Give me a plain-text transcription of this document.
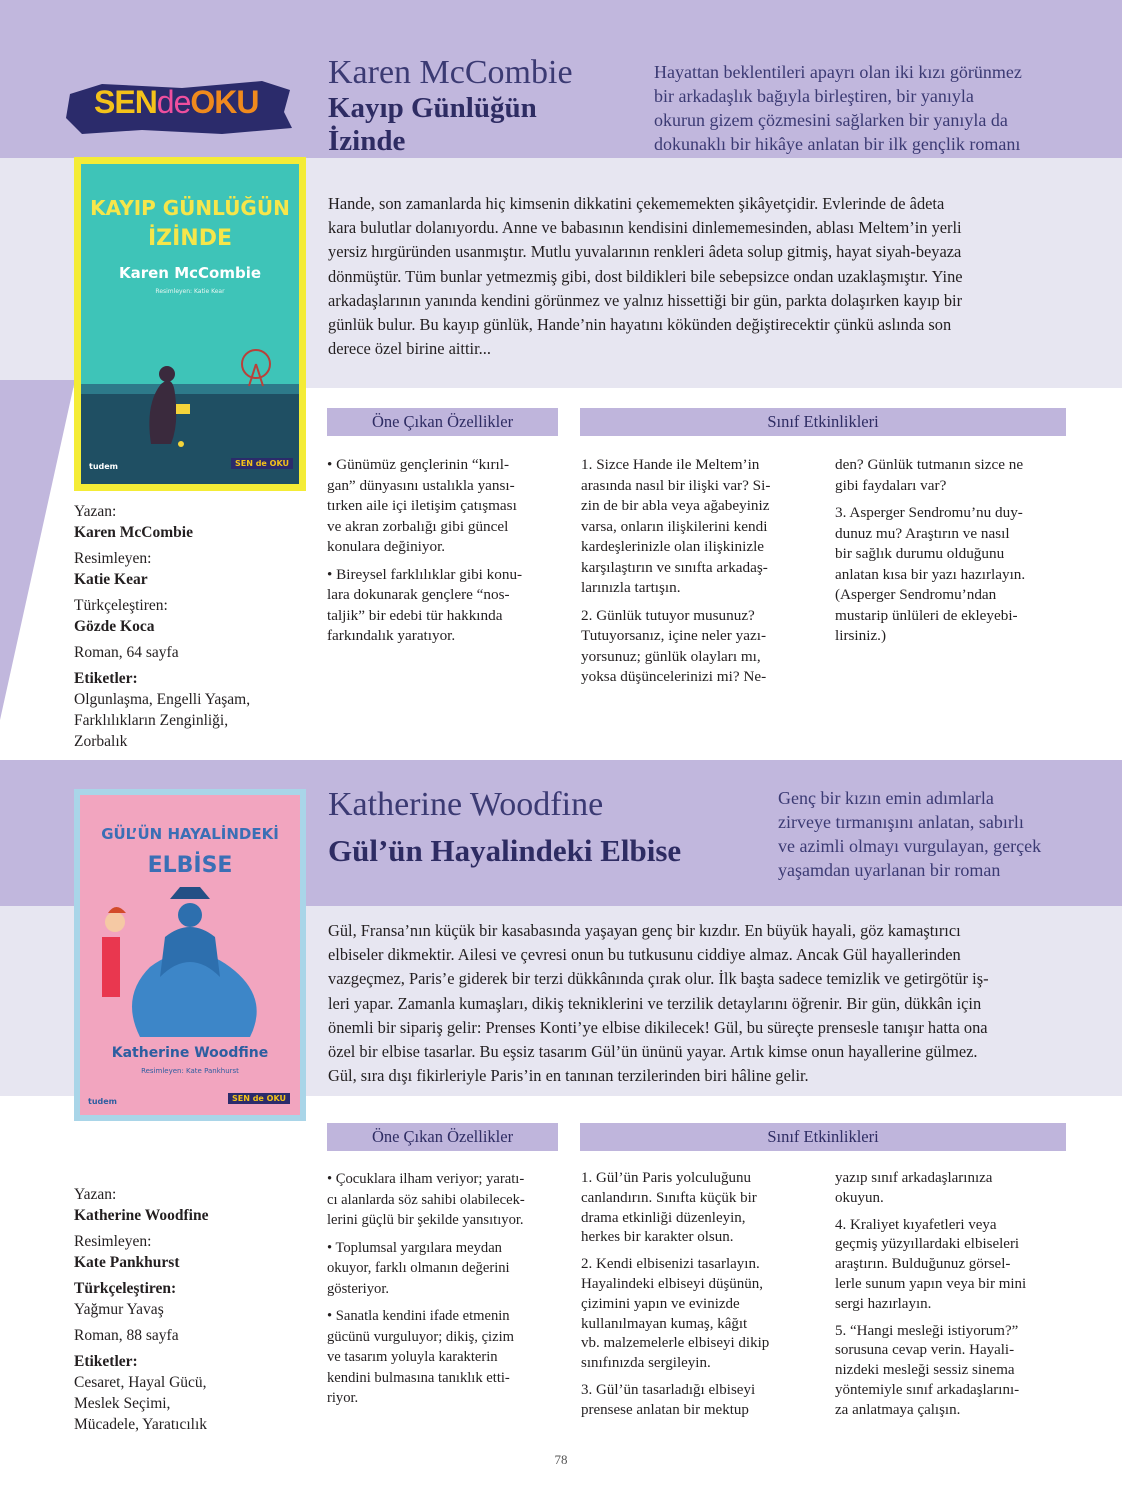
SENdeOKU
Karen McCombie
Kayıp Günlüğün
İzinde
Hayattan beklentileri apayrı olan iki kızı görünmez
bir arkadaşlık bağıyla birleştiren, bir yanıyla
okurun gizem çözmesini sağlarken bir yanıyla da
dokunaklı bir hikâye anlatan bir ilk gençlik romanı
KAYIP GÜNLÜĞÜN
İZİNDE
Karen McCombie
Resimleyen: Katie Kear
tudem	SEN de OKU
Hande, son zamanlarda hiç kimsenin dikkatini çekememekten şikâyetçidir. Evlerinde de âdeta
kara bulutlar dolanıyordu. Anne ve babasının kendisini dinlememesinden, ablası Meltem’in yerli
yersiz hırgüründen usanmıştır. Mutlu yuvalarının renkleri âdeta solup gitmiş, hayat siyah-beyaza
dönmüştür. Tüm bunlar yetmezmiş gibi, dost bildikleri bile sebepsizce ondan uzaklaşmıştır. Yine
arkadaşlarının yanında kendini görünmez ve yalnız hissettiği bir gün, parkta dolaşırken kayıp bir
günlük bulur. Bu kayıp günlük, Hande’nin hayatını kökünden değiştirecektir çünkü aslında son
derece özel birine aittir...
Öne Çıkan Özellikler	Sınıf Etkinlikleri

• Günümüz gençlerinin “kırıl-
gan” dünyasını ustalıkla yansı-
tırken aile içi iletişim çatışması
ve akran zorbalığı gibi güncel
konulara değiniyor.

• Bireysel farklılıklar gibi konu-
lara dokunarak gençlere “nos-
taljik” bir edebi tür hakkında
farkındalık yaratıyor.

1. Sizce Hande ile Meltem’in
arasında nasıl bir ilişki var? Si-
zin de bir abla veya ağabeyiniz
varsa, onların ilişkilerini kendi
kardeşlerinizle olan ilişkinizle
karşılaştırın ve sınıfta arkadaş-
larınızla tartışın.

2. Günlük tutuyor musunuz?
Tutuyorsanız, içine neler yazı-
yorsunuz; günlük olayları mı,
yoksa düşüncelerinizi mi? Ne-

den? Günlük tutmanın sizce ne
gibi faydaları var?

3. Asperger Sendromu’nu duy-
dunuz mu? Araştırın ve nasıl
bir sağlık durumu olduğunu
anlatan kısa bir yazı hazırlayın.
(Asperger Sendromu’ndan
mustarip ünlüleri de ekleyebi-
lirsiniz.)

Yazan:
Karen McCombie
Resimleyen:
Katie Kear
Türkçeleştiren:
Gözde Koca
Roman, 64 sayfa
Etiketler:
Olgunlaşma, Engelli Yaşam,
Farklılıkların Zenginliği,
Zorbalık
Katherine Woodfine
Gül’ün Hayalindeki Elbise
Genç bir kızın emin adımlarla
zirveye tırmanışını anlatan, sabırlı
ve azimli olmayı vurgulayan, gerçek
yaşamdan uyarlanan bir roman
GÜL’ÜN HAYALİNDEKİ
ELBİSE
Katherine Woodfine
Resimleyen: Kate Pankhurst
tudem	SEN de OKU
Gül, Fransa’nın küçük bir kasabasında yaşayan genç bir kızdır. En büyük hayali, göz kamaştırıcı
elbiseler dikmektir. Ailesi ve çevresi onun bu tutkusunu ciddiye almaz. Ancak Gül hayallerinden
vazgeçmez, Paris’e giderek bir terzi dükkânında çırak olur. İlk başta sadece temizlik ve getirgötür iş-
leri yapar. Zamanla kumaşları, dikiş tekniklerini ve terzilik detaylarını öğrenir. Bir gün, dükkân için
önemli bir sipariş gelir: Prenses Konti’ye elbise dikilecek! Gül, bu süreçte prensesle tanışır hatta ona
özel bir elbise tasarlar. Bu eşsiz tasarım Gül’ün ününü yayar. Artık kimse onun hayallerine gülmez.
Gül, sıra dışı fikirleriyle Paris’in en tanınan terzilerinden biri hâline gelir.
Öne Çıkan Özellikler	Sınıf Etkinlikleri

• Çocuklara ilham veriyor; yaratı-
cı alanlarda söz sahibi olabilecek-
lerini güçlü bir şekilde yansıtıyor.

• Toplumsal yargılara meydan
okuyor, farklı olmanın değerini
gösteriyor.

• Sanatla kendini ifade etmenin
gücünü vurguluyor; dikiş, çizim
ve tasarım yoluyla karakterin
kendini bulmasına tanıklık etti-
riyor.

1. Gül’ün Paris yolculuğunu
canlandırın. Sınıfta küçük bir
drama etkinliği düzenleyin,
herkes bir karakter olsun.

2. Kendi elbisenizi tasarlayın.
Hayalindeki elbiseyi düşünün,
çizimini yapın ve evinizde
kullanılmayan kumaş, kâğıt
vb. malzemelerle elbiseyi dikip
sınıfınızda sergileyin.

3. Gül’ün tasarladığı elbiseyi
prensese anlatan bir mektup

yazıp sınıf arkadaşlarınıza
okuyun.

4. Kraliyet kıyafetleri veya
geçmiş yüzyıllardaki elbiseleri
araştırın. Bulduğunuz görsel-
lerle sunum yapın veya bir mini
sergi hazırlayın.

5. “Hangi mesleği istiyorum?”
sorusuna cevap verin. Hayali-
nizdeki mesleği sessiz sinema
yöntemiyle sınıf arkadaşlarını-
za anlatmaya çalışın.

Yazan:
Katherine Woodfine
Resimleyen:
Kate Pankhurst
Türkçeleştiren:
Yağmur Yavaş
Roman, 88 sayfa
Etiketler:
Cesaret, Hayal Gücü,
Meslek Seçimi,
Mücadele, Yaratıcılık
78
